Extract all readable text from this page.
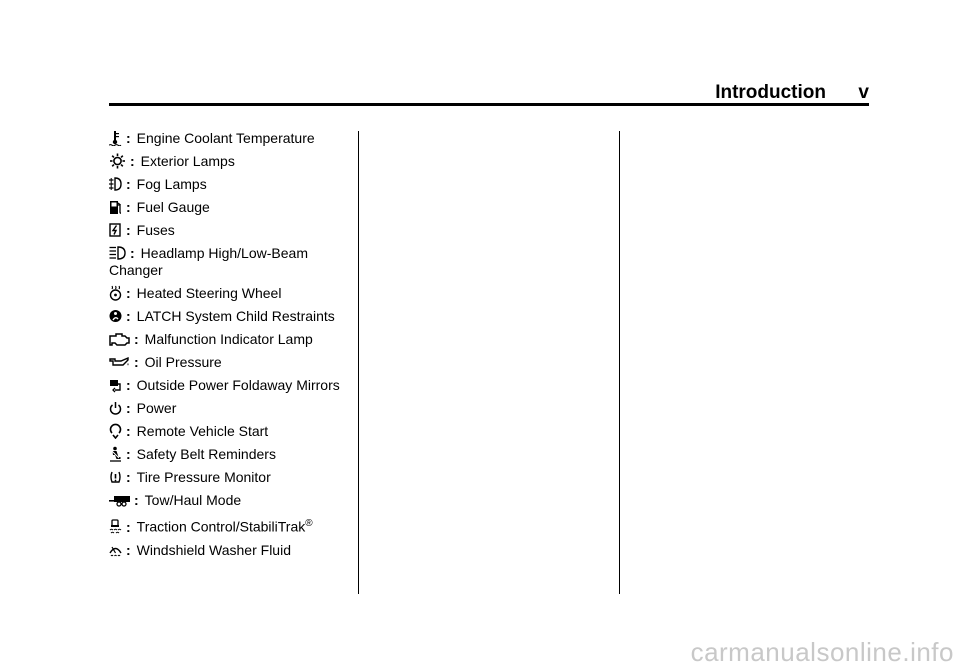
Introduction v
: Engine Coolant Temperature
: Exterior Lamps
: Fog Lamps
: Fuel Gauge
: Fuses
: Headlamp High/Low-Beam Changer
: Heated Steering Wheel
: LATCH System Child Restraints
: Malfunction Indicator Lamp
: Oil Pressure
: Outside Power Foldaway Mirrors
: Power
: Remote Vehicle Start
: Safety Belt Reminders
: Tire Pressure Monitor
: Tow/Haul Mode
: Traction Control/StabiliTrak®
: Windshield Washer Fluid
carmanualsonline.info
